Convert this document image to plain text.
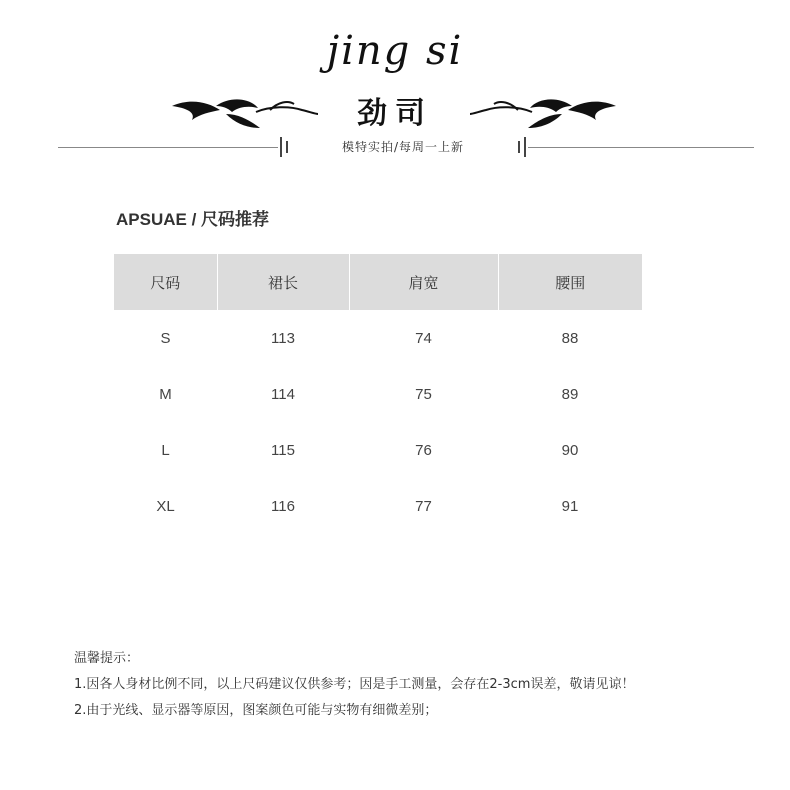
jing si
劲司
模特实拍/每周一上新
APSUAE / 尺码推荐
尺码	裙长	肩宽	腰围
S	113	74	88
M	114	75	89
L	115	76	90
XL	116	77	91
温馨提示：
1.因各人身材比例不同，以上尺码建议仅供参考；因是手工测量，会存在2-3cm误差，敬请见谅！
2.由于光线、显示器等原因，图案颜色可能与实物有细微差别；
